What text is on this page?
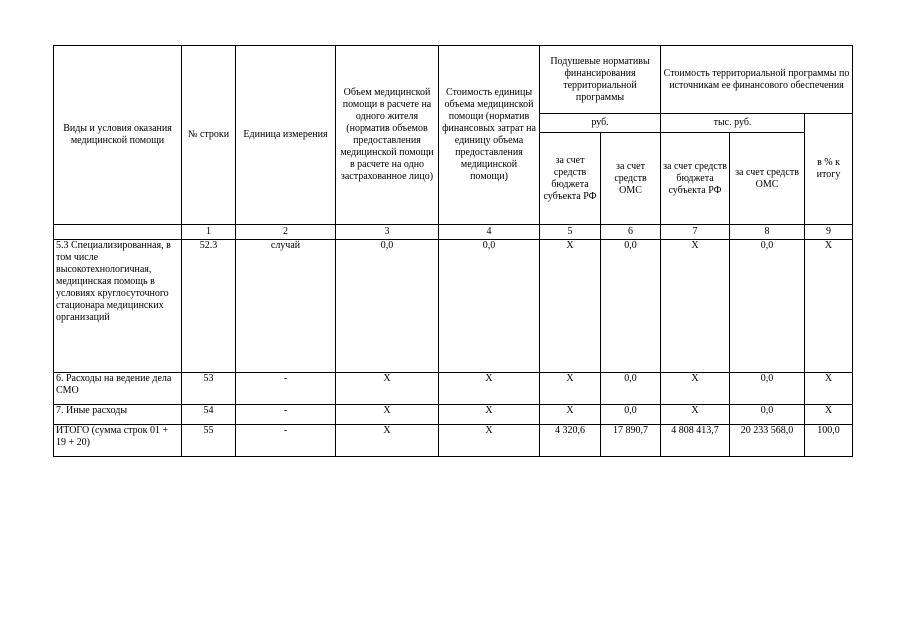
Виды и условия оказания медицинской помощи	№ строки	Единица измерения	Объем медицинской помощи в расчете на одного жителя (норматив объемов предоставления медицинской помощи в расчете на одно застрахованное лицо)	Стоимость единицы объема медицинской помощи (норматив финансовых затрат на единицу объема предоставления медицинской помощи)	Подушевые нормативы финансирования территориальной программы		Стоимость территориальной программы по источникам ее финансового обеспечения		
					руб.		тыс. руб.		в % к итогу
					за счет средств бюджета субъекта РФ	за счет средств ОМС	за счет средств бюджета субъекта РФ	за счет средств ОМС	
	1	2	3	4	5	6	7	8	9
5.3 Специализированная, в том числе высокотехнологичная, медицинская помощь в условиях круглосуточного стационара медицинских организаций	52.3	случай	0,0	0,0	X	0,0	X	0,0	X
6. Расходы на ведение дела СМО	53	-	X	X	X	0,0	X	0,0	X
7. Иные расходы	54	-	X	X	X	0,0	X	0,0	X
ИТОГО (сумма строк 01 + 19 + 20)	55	-	X	X	4 320,6	17 890,7	4 808 413,7	20 233 568,0	100,0
